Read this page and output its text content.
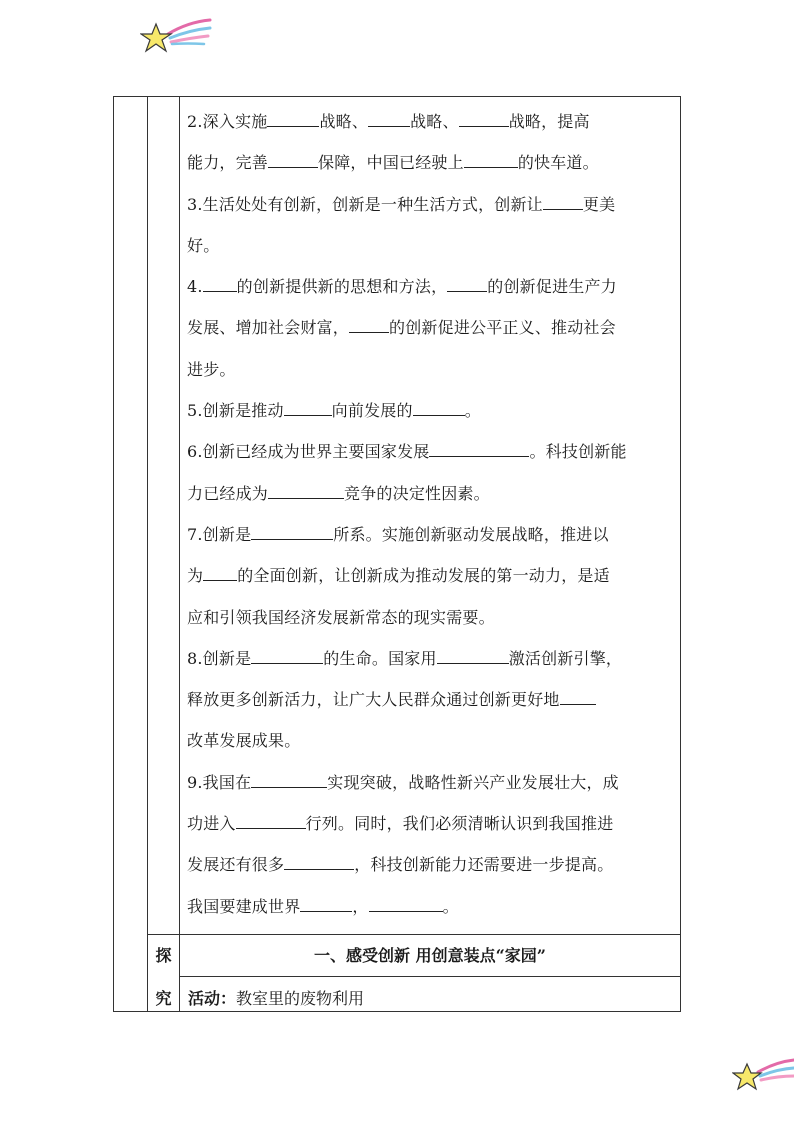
2.深入实施	战略、	战略、	战略，提高
能力，完善	保障，中国已经驶上	的快车道。

3.生活处处有创新，创新是一种生活方式，创新让	更美
好。

4. 的创新提供新的思想和方法，	的创新促进生产力
发展、增加社会财富，	的创新促进公平正义、推动社会
进步。

5.创新是推动	向前发展的	。

6.创新已经成为世界主要国家发展	。科技创新能
力已经成为	竞争的决定性因素。

7.创新是	所系。实施创新驱动发展战略，推进以
为 的全面创新，让创新成为推动发展的第一动力，是适
应和引领我国经济发展新常态的现实需要。

8.创新是	的生命。国家用	激活创新引擎，
释放更多创新活力，让广大人民群众通过创新更好地
改革发展成果。

9.我国在	实现突破，战略性新兴产业发展壮大，成
功进入	行列。同时，我们必须清晰认识到我国推进
发展还有很多	，科技创新能力还需要进一步提高。
我国要建成世界	，	。

探
究
一、感受创新 用创意装点“家园”
活动：教室里的废物利用
